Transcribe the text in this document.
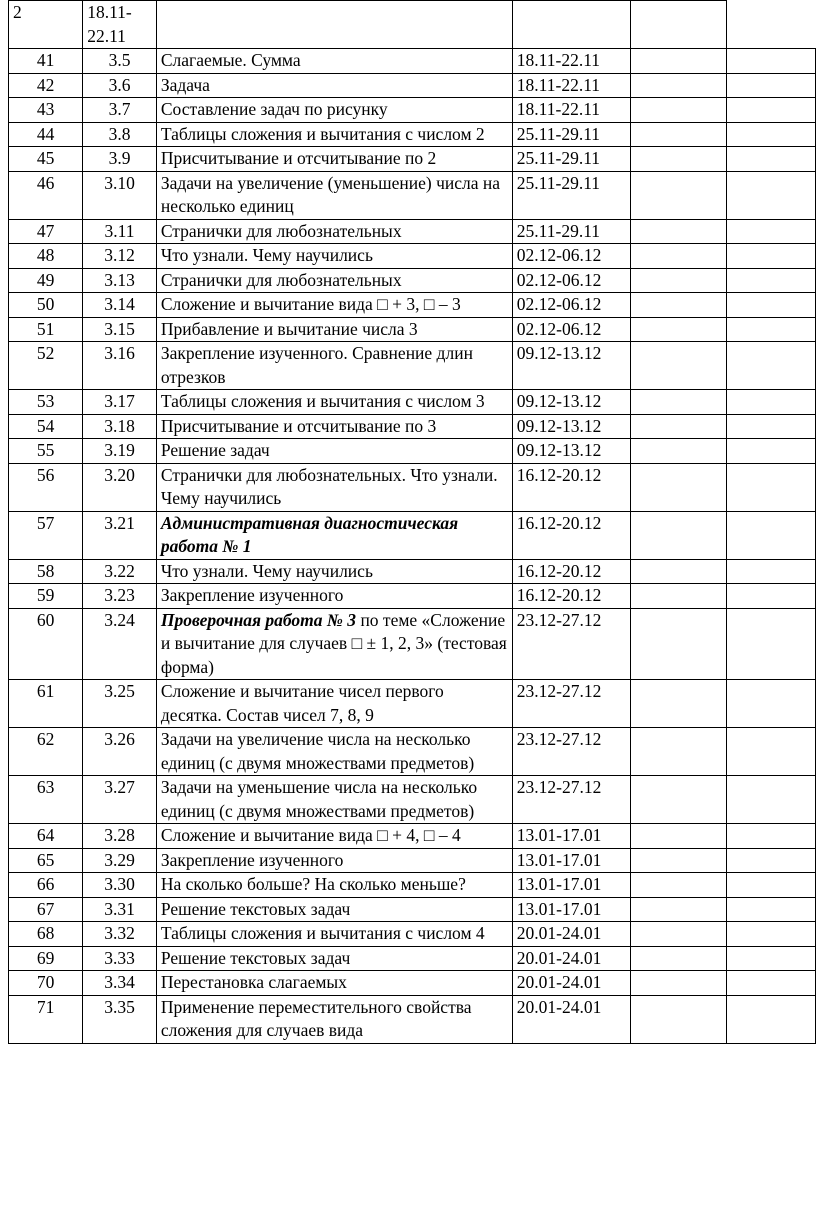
2	18.11-22.11				
41	3.5	Слагаемые. Сумма	18.11-22.11		
42	3.6	Задача	18.11-22.11		
43	3.7	Составление задач по рисунку	18.11-22.11		
44	3.8	Таблицы сложения и вычитания с числом 2	25.11-29.11		
45	3.9	Присчитывание и отсчитывание по 2	25.11-29.11		
46	3.10	Задачи на увеличение (уменьшение) числа на несколько единиц	25.11-29.11		
47	3.11	Странички для любознательных	25.11-29.11		
48	3.12	Что узнали. Чему научились	02.12-06.12		
49	3.13	Странички для любознательных	02.12-06.12		
50	3.14	Сложение и вычитание вида □ + 3, □ – 3	02.12-06.12		
51	3.15	Прибавление и вычитание числа 3	02.12-06.12		
52	3.16	Закрепление изученного. Сравнение длин отрезков	09.12-13.12		
53	3.17	Таблицы сложения и вычитания с числом 3	09.12-13.12		
54	3.18	Присчитывание и отсчитывание по 3	09.12-13.12		
55	3.19	Решение задач	09.12-13.12		
56	3.20	Странички для любознательных. Что узнали. Чему научились	16.12-20.12		
57	3.21	Административная диагностическая работа № 1	16.12-20.12		
58	3.22	Что узнали. Чему научились	16.12-20.12		
59	3.23	Закрепление изученного	16.12-20.12		
60	3.24	Проверочная работа № 3 по теме «Сложение и вычитание для случаев □ ± 1, 2, 3» (тестовая форма)	23.12-27.12		
61	3.25	Сложение и вычитание чисел первого десятка. Состав чисел 7, 8, 9	23.12-27.12		
62	3.26	Задачи на увеличение числа на несколько единиц (с двумя множествами предметов)	23.12-27.12		
63	3.27	Задачи на уменьшение числа на несколько единиц (с двумя множествами предметов)	23.12-27.12		
64	3.28	Сложение и вычитание вида □ + 4, □ – 4	13.01-17.01		
65	3.29	Закрепление изученного	13.01-17.01		
66	3.30	На сколько больше? На сколько меньше?	13.01-17.01		
67	3.31	Решение текстовых задач	13.01-17.01		
68	3.32	Таблицы сложения и вычитания с числом 4	20.01-24.01		
69	3.33	Решение текстовых задач	20.01-24.01		
70	3.34	Перестановка слагаемых	20.01-24.01		
71	3.35	Применение переместительного свойства сложения для случаев вида	20.01-24.01		
